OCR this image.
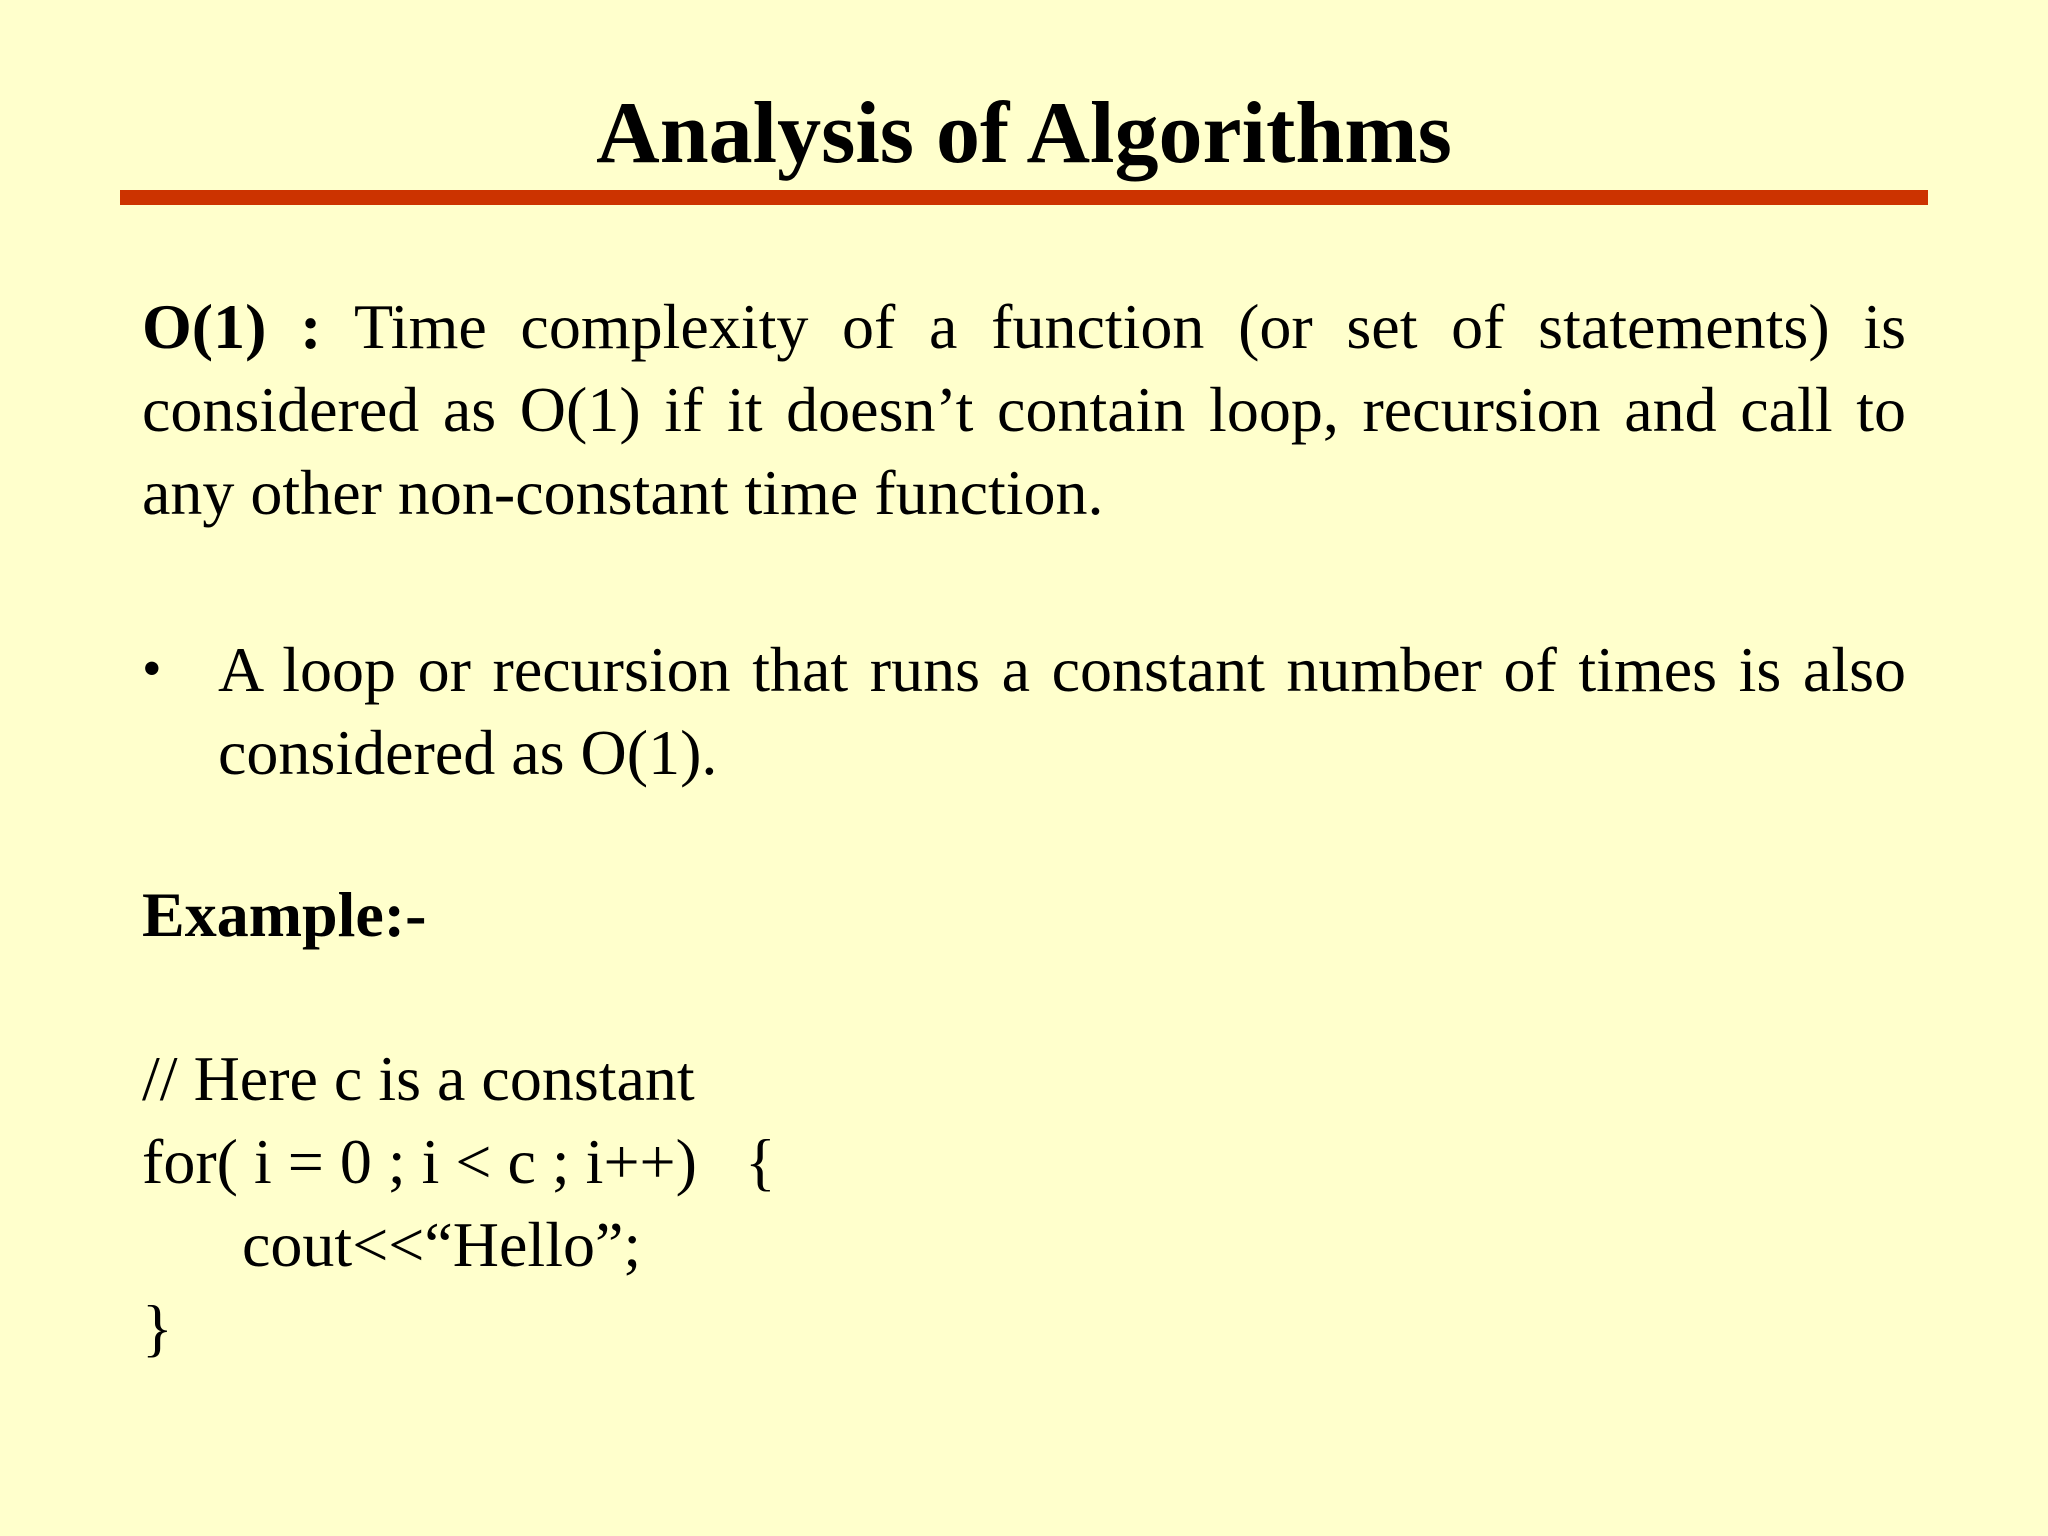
Analysis of Algorithms
O(1) : Time complexity of a function (or set of statements) is considered as O(1) if it doesn’t contain loop, recursion and call to any other non-constant time function.
• A loop or recursion that runs a constant number of times is also considered as O(1).
Example:-
// Here c is a constant
for( i = 0 ; i < c ; i++)   {
cout<<“Hello”;
}
